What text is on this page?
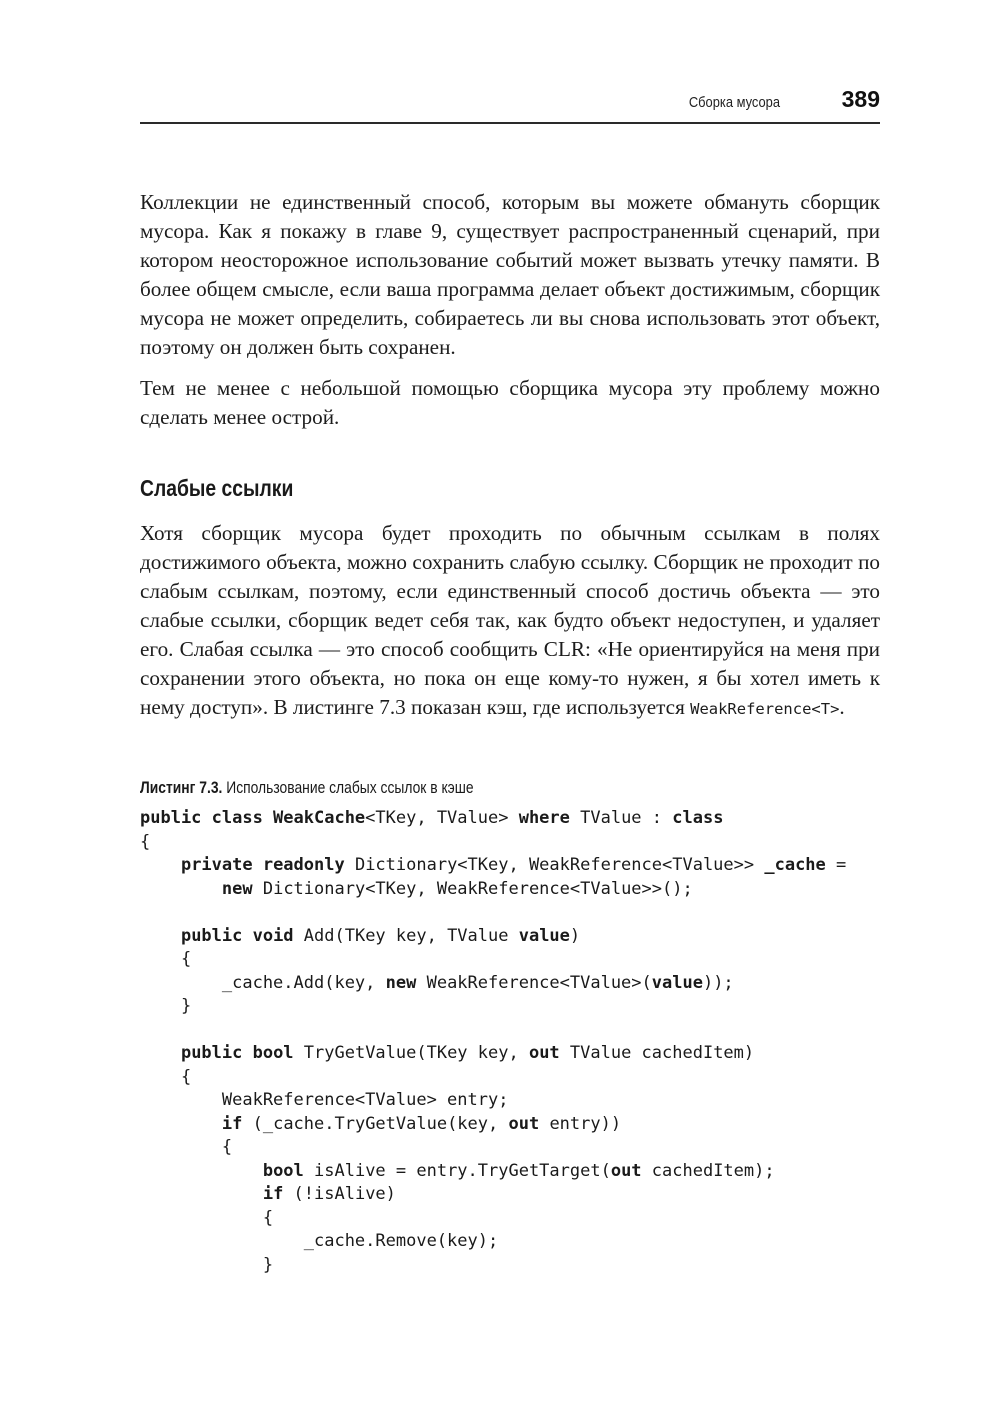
Сборка мусора	389

Коллекции не единственный способ, которым вы можете обмануть сборщик мусора. Как я покажу в главе 9, существует распространенный сценарий, при котором неосторожное использование событий может вызвать утечку памяти. В более общем смысле, если ваша программа делает объект достижимым, сборщик мусора не может определить, собираетесь ли вы снова использовать этот объект, поэтому он должен быть сохранен.

Тем не менее с небольшой помощью сборщика мусора эту проблему можно сделать менее острой.

Слабые ссылки

Хотя сборщик мусора будет проходить по обычным ссылкам в полях достижимого объекта, можно сохранить слабую ссылку. Сборщик не проходит по слабым ссылкам, поэтому, если единственный способ достичь объекта — это слабые ссылки, сборщик ведет себя так, как будто объект недоступен, и удаляет его. Слабая ссылка — это способ сообщить CLR: «Не ориентируйся на меня при сохранении этого объекта, но пока он еще кому-то нужен, я бы хотел иметь к нему доступ». В листинге 7.3 показан кэш, где используется WeakReference<T>.

Листинг 7.3. Использование слабых ссылок в кэше
public class WeakCache<TKey, TValue> where TValue : class
{
private readonly Dictionary<TKey, WeakReference<TValue>> _cache =
new Dictionary<TKey, WeakReference<TValue>>();

public void Add(TKey key, TValue value)
{
_cache.Add(key, new WeakReference<TValue>(value));
}

public bool TryGetValue(TKey key, out TValue cachedItem)
{
WeakReference<TValue> entry;
if (_cache.TryGetValue(key, out entry))
{
bool isAlive = entry.TryGetTarget(out cachedItem);
if (!isAlive)
{
_cache.Remove(key);
}
